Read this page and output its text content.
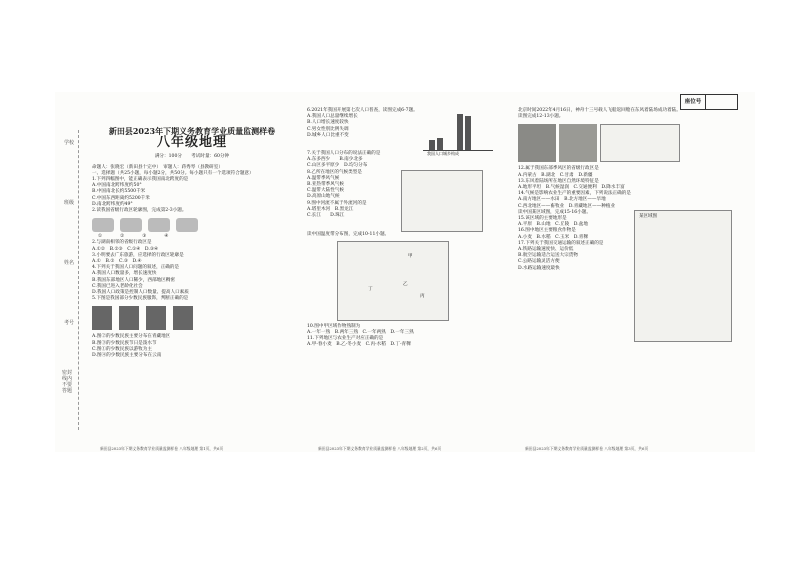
学校
班级
姓名
考号
密封线内不要答题
新田县2023年下期义务教育学业质量监测样卷
八年级地理
满分：100分　　考试时量：60分钟

命题人：张晓宏（新田县十完中）　审题人：蒋秀琴（县教研室）

一、选择题（共25小题，每小题2分，共50分。每小题只有一个选项符合题意）

1.下列四幅图中，能正确表示我国南北跨度的是

A.中国南北跨纬度约50°

B.中国南北长约5500千米

C.中国东西距离约5200千米

D.南北跨纬度约49°

2.读我国省级行政区轮廓图，完成第2-3小题。

①	②	③	④

2.与湖南相邻的省级行政区是

A.①②　B.②③　C.①④　D.③④

3.小明要去广东旅游，应选择的行政区轮廓是

A.①　B.②　C.③　D.④

4.下列关于我国人口问题的叙述，正确的是

A.我国人口数量多，增长速度快

B.我国东部地区人口稀少，西部地区稠密

C.我国已进入老龄化社会

D.我国人口政策是控制人口数量、提高人口素质

5.下图是我国部分少数民族服饰，判断正确的是

A.图②的少数民族主要分布在青藏地区

B.图③的少数民族节日是泼水节

C.图①的少数民族以游牧为主

D.图④的少数民族主要分布在云南

新田县2023年下期义务教育学业质量监测样卷 八年级地理 第1页，共6页

6.2021年我国开展第七次人口普查，读图完成6-7题。

A.我国人口总量继续增长

B.人口增长速度较快

C.男女性别比例失调

D.城乡人口比重不变

我国人口城乡构成

7.关于我国人口分布的说法正确的是

A.东多西少　　B.南少北多

C.山区多平原少　D.均匀分布

8.乙所在地区的气候类型是

A.温带季风气候

B.亚热带季风气候

C.温带大陆性气候

D.高原山地气候

9.图中河流不属于外流河的是

A.塔里木河　B.黑龙江

C.长江　　D.珠江

读中国温度带分布图，完成10-11小题。

甲
乙
丙
丁

10.图中甲区域作物熟制为

A.一年一熟　B.两年三熟　C.一年两熟　D.一年三熟

11.下列地区与农业生产对应正确的是

A.甲-春小麦　B.乙-冬小麦　C.丙-水稻　D.丁-青稞

新田县2023年下期义务教育学业质量监测样卷 八年级地理 第2页，共6页
座位号

北京时间2022年4月16日，神舟十三号载人飞船返回舱在东风着陆场成功着陆。

读图完成12-13小题。

12.属于我国东部季风区的省级行政区是

A.内蒙古　B.湖北　C.甘肃　D.新疆

13.东风着陆场所在地区自然环境特征是

A.地形平坦　B.气候湿润　C.交通便利　D.降水丰富

14.气候是影响农业生产的重要因素，下列说法正确的是

A.南方地区——水田　B.北方地区——旱地

C.西北地区——畜牧业　D.青藏地区——种植业

读中国某区域图，完成15-16小题。

15.该区域的主要地形是

A.平原　B.山地　C.丘陵　D.盆地

16.图中地区主要粮食作物是

A.小麦　B.水稻　C.玉米　D.青稞

17.下列关于我国交通运输的叙述正确的是

A.铁路运输速度快、运价低

B.航空运输适合运送大宗货物

C.公路运输灵活方便

D.水路运输速度最快

某区域图
新田县2023年下期义务教育学业质量监测样卷 八年级地理 第3页，共6页
